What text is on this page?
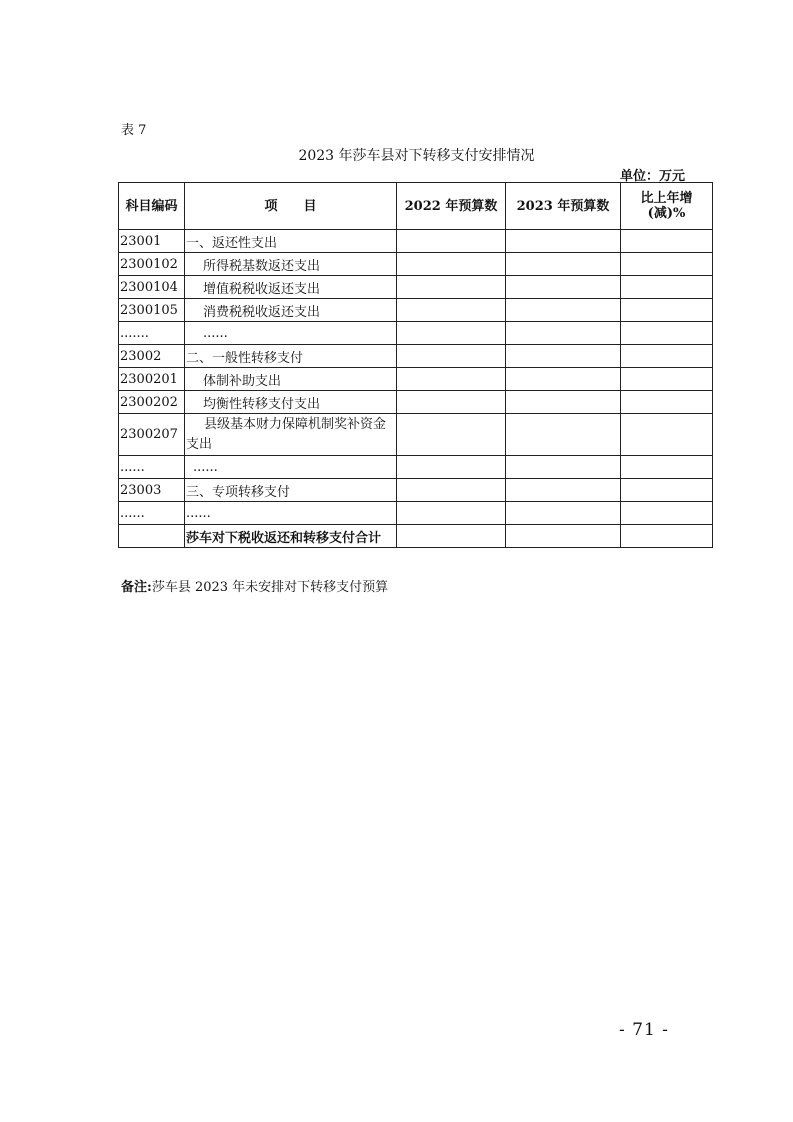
表 7
2023 年莎车县对下转移支付安排情况
单位：万元
科目编码	项　　目	2022 年预算数	2023 年预算数	比上年增(减)%
23001	一、返还性支出			
2300102	所得税基数返还支出			
2300104	增值税税收返还支出			
2300105	消费税税收返还支出			
.......	......			
23002	二、一般性转移支付			
2300201	体制补助支出			
2300202	均衡性转移支付支出			
2300207	县级基本财力保障机制奖补资金支出			
......	......			
23003	三、专项转移支付			
......	......			
	莎车对下税收返还和转移支付合计			
备注:莎车县 2023 年未安排对下转移支付预算
- 71 -
